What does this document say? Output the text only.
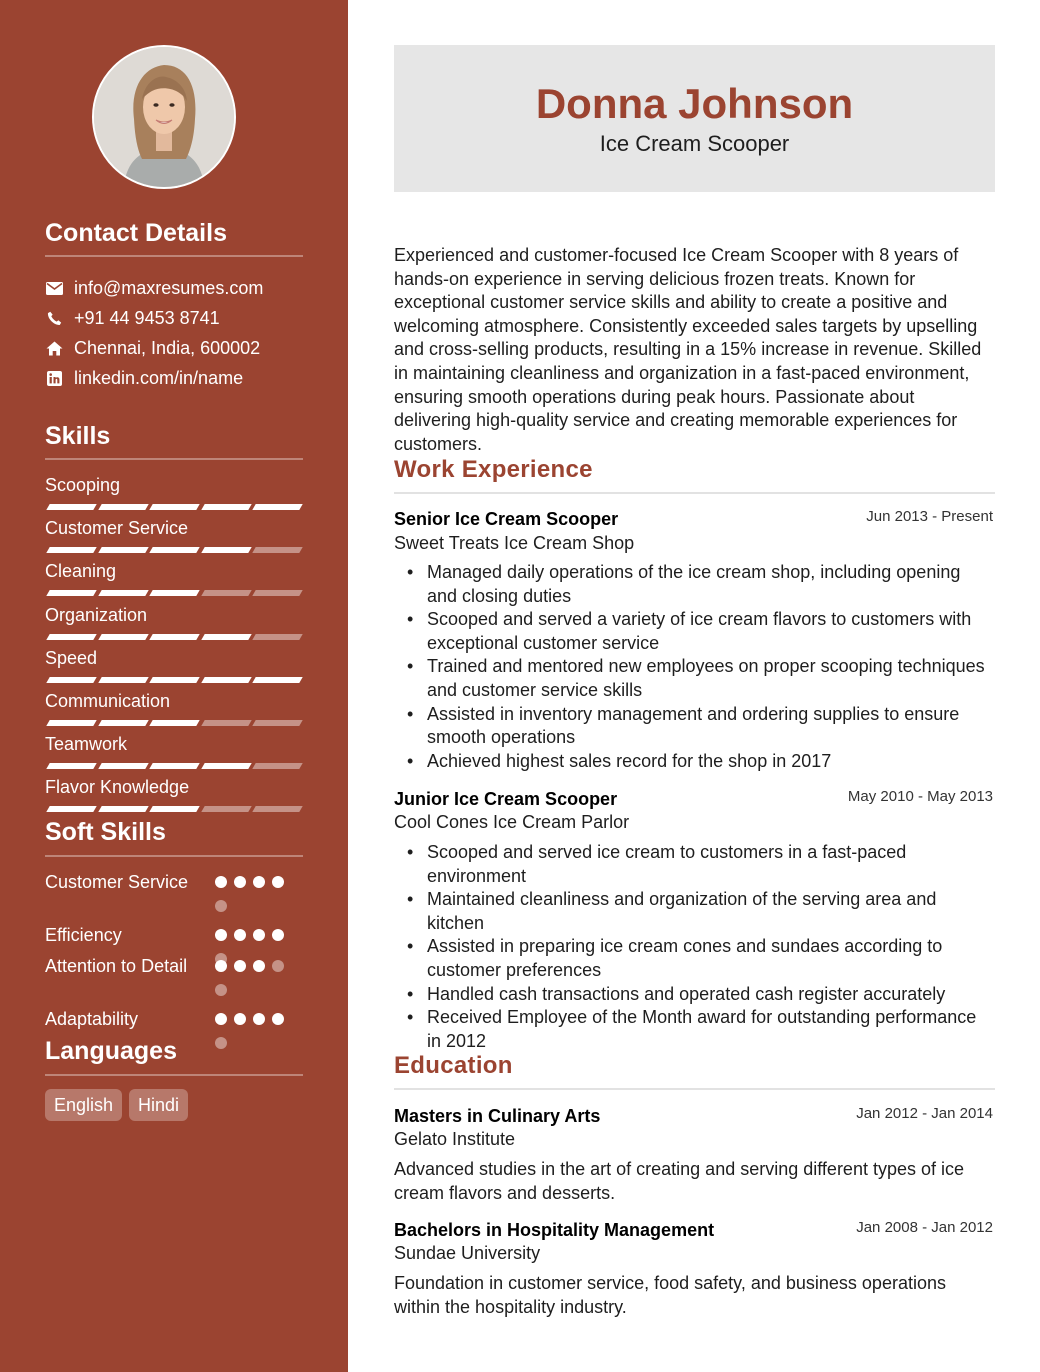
Contact Details
info@maxresumes.com
+91 44 9453 8741
Chennai, India, 600002
linkedin.com/in/name
Skills
Scooping
Customer Service
Cleaning
Organization
Speed
Communication
Teamwork
Flavor Knowledge
Soft Skills
Customer Service
Efficiency
Attention to Detail
Adaptability
Languages
English	Hindi
Donna Johnson
Ice Cream Scooper

Experienced and customer-focused Ice Cream Scooper with 8 years of hands-on experience in serving delicious frozen treats. Known for exceptional customer service skills and ability to create a positive and welcoming atmosphere. Consistently exceeded sales targets by upselling and cross-selling products, resulting in a 15% increase in revenue. Skilled in maintaining cleanliness and organization in a fast-paced environment, ensuring smooth operations during peak hours. Passionate about delivering high-quality service and creating memorable experiences for customers.

Work Experience
Senior Ice Cream Scooper	Jun 2013 - Present
Sweet Treats Ice Cream Shop
• Managed daily operations of the ice cream shop, including opening and closing duties
• Scooped and served a variety of ice cream flavors to customers with exceptional customer service
• Trained and mentored new employees on proper scooping techniques and customer service skills
• Assisted in inventory management and ordering supplies to ensure smooth operations
• Achieved highest sales record for the shop in 2017
Junior Ice Cream Scooper	May 2010 - May 2013
Cool Cones Ice Cream Parlor
• Scooped and served ice cream to customers in a fast-paced environment
• Maintained cleanliness and organization of the serving area and kitchen
• Assisted in preparing ice cream cones and sundaes according to customer preferences
• Handled cash transactions and operated cash register accurately
• Received Employee of the Month award for outstanding performance in 2012
Education
Masters in Culinary Arts	Jan 2012 - Jan 2014
Gelato Institute

Advanced studies in the art of creating and serving different types of ice cream flavors and desserts.

Bachelors in Hospitality Management	Jan 2008 - Jan 2012
Sundae University

Foundation in customer service, food safety, and business operations within the hospitality industry.
